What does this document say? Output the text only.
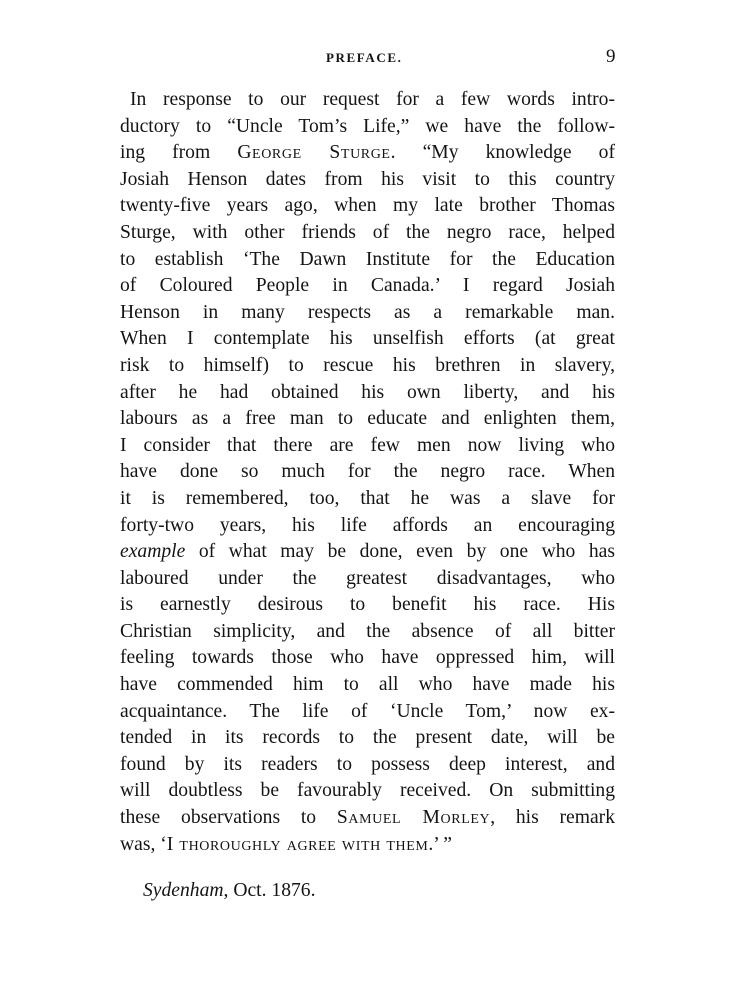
PREFACE.	9

In response to our request for a few words intro-
ductory to “Uncle Tom’s Life,” we have the follow-
ing from George Sturge. “My knowledge of
Josiah Henson dates from his visit to this country
twenty-five years ago, when my late brother Thomas
Sturge, with other friends of the negro race, helped
to establish ‘The Dawn Institute for the Education
of Coloured People in Canada.’ I regard Josiah
Henson in many respects as a remarkable man.
When I contemplate his unselfish efforts (at great
risk to himself) to rescue his brethren in slavery,
after he had obtained his own liberty, and his
labours as a free man to educate and enlighten them,
I consider that there are few men now living who
have done so much for the negro race. When
it is remembered, too, that he was a slave for
forty-two years, his life affords an encouraging
example of what may be done, even by one who has
laboured under the greatest disadvantages, who
is earnestly desirous to benefit his race. His
Christian simplicity, and the absence of all bitter
feeling towards those who have oppressed him, will
have commended him to all who have made his
acquaintance. The life of ‘Uncle Tom,’ now ex-
tended in its records to the present date, will be
found by its readers to possess deep interest, and
will doubtless be favourably received. On submitting
these observations to Samuel Morley, his remark
was, ‘I thoroughly agree with them.’ ”

Sydenham, Oct. 1876.
